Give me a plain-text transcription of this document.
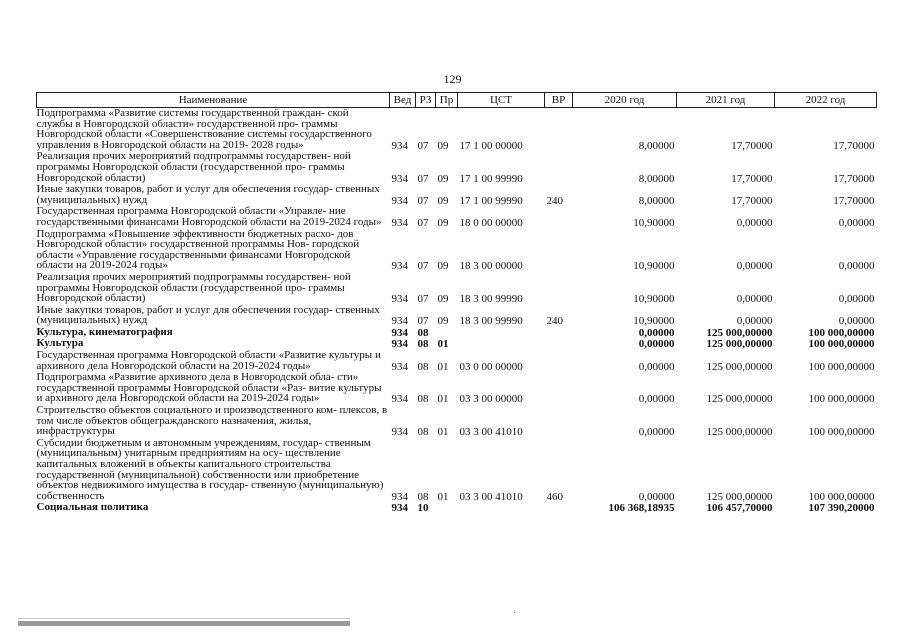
129
Наименование	Вед	РЗ	Пр	ЦСТ	ВР	2020 год	2021 год	2022 год
Подпрограмма «Развитие системы государственной граждан- ской службы в Новгородской области» государственной про- граммы Новгородской области «Совершенствование системы государственного управления в Новгородской области на 2019- 2028 годы»	934	07	09	17 1 00 00000		8,00000	17,70000	17,70000
Реализация прочих мероприятий подпрограммы государствен- ной программы Новгородской области (государственной про- граммы Новгородской области)	934	07	09	17 1 00 99990		8,00000	17,70000	17,70000
Иные закупки товаров, работ и услуг для обеспечения государ- ственных (муниципальных) нужд	934	07	09	17 1 00 99990	240	8,00000	17,70000	17,70000
Государственная программа Новгородской области «Управле- ние государственными финансами Новгородской области на 2019-2024 годы»	934	07	09	18 0 00 00000		10,90000	0,00000	0,00000
Подпрограмма «Повышение эффективности бюджетных расхо- дов Новгородской области» государственной программы Нов- городской области «Управление государственными финансами Новгородской области на 2019-2024 годы»	934	07	09	18 3 00 00000		10,90000	0,00000	0,00000
Реализация прочих мероприятий подпрограммы государствен- ной программы Новгородской области (государственной про- граммы Новгородской области)	934	07	09	18 3 00 99990		10,90000	0,00000	0,00000
Иные закупки товаров, работ и услуг для обеспечения государ- ственных (муниципальных) нужд	934	07	09	18 3 00 99990	240	10,90000	0,00000	0,00000
Культура, кинематография	934	08				0,00000	125 000,00000	100 000,00000
Культура	934	08	01			0,00000	125 000,00000	100 000,00000
Государственная программа Новгородской области «Развитие культуры и архивного дела Новгородской области на 2019-2024 годы»	934	08	01	03 0 00 00000		0,00000	125 000,00000	100 000,00000
Подпрограмма «Развитие архивного дела в Новгородской обла- сти» государственной программы Новгородской области «Раз- витие культуры и архивного дела Новгородской области на 2019-2024 годы»	934	08	01	03 3 00 00000		0,00000	125 000,00000	100 000,00000
Строительство объектов социального и производственного ком- плексов, в том числе объектов общегражданского назначения, жилья, инфраструктуры	934	08	01	03 3 00 41010		0,00000	125 000,00000	100 000,00000
Субсидии бюджетным и автономным учреждениям, государ- ственным (муниципальным) унитарным предприятиям на осу- ществление капитальных вложений в объекты капитального строительства государственной (муниципальной) собственности или приобретение объектов недвижимого имущества в государ- ственную (муниципальную) собственность	934	08	01	03 3 00 41010	460	0,00000	125 000,00000	100 000,00000
Социальная политика	934	10				106 368,18935	106 457,70000	107 390,20000
